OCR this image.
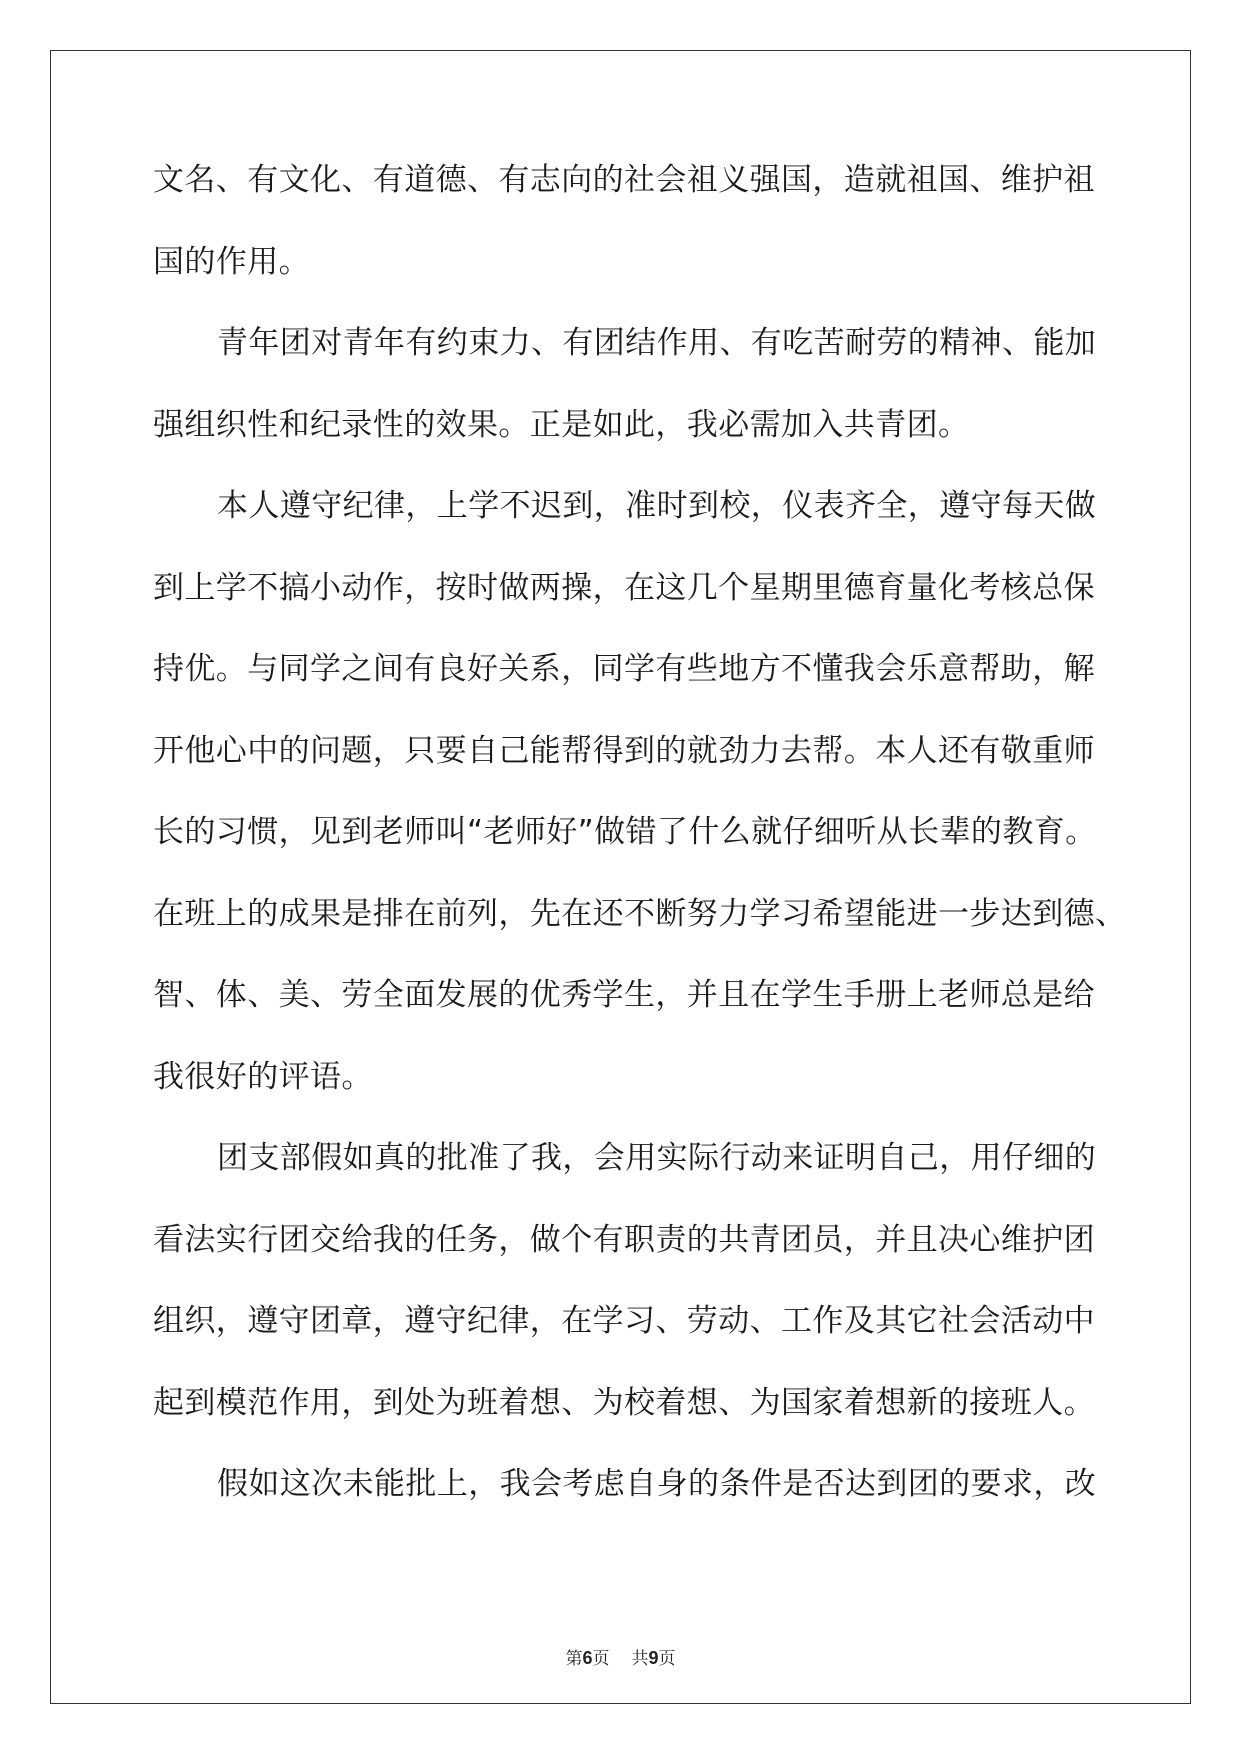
文名、有文化、有道德、有志向的社会祖义强国，造就祖国、维护祖
国的作用。
青年团对青年有约束力、有团结作用、有吃苦耐劳的精神、能加
强组织性和纪录性的效果。正是如此，我必需加入共青团。
本人遵守纪律，上学不迟到，准时到校，仪表齐全，遵守每天做
到上学不搞小动作，按时做两操，在这几个星期里德育量化考核总保
持优。与同学之间有良好关系，同学有些地方不懂我会乐意帮助，解
开他心中的问题，只要自己能帮得到的就劲力去帮。本人还有敬重师
长的习惯，见到老师叫“老师好”做错了什么就仔细听从长辈的教育。
在班上的成果是排在前列，先在还不断努力学习希望能进一步达到德、
智、体、美、劳全面发展的优秀学生，并且在学生手册上老师总是给
我很好的评语。
团支部假如真的批准了我，会用实际行动来证明自己，用仔细的
看法实行团交给我的任务，做个有职责的共青团员，并且决心维护团
组织，遵守团章，遵守纪律，在学习、劳动、工作及其它社会活动中
起到模范作用，到处为班着想、为校着想、为国家着想新的接班人。
假如这次未能批上，我会考虑自身的条件是否达到团的要求，改
第6页 共9页
